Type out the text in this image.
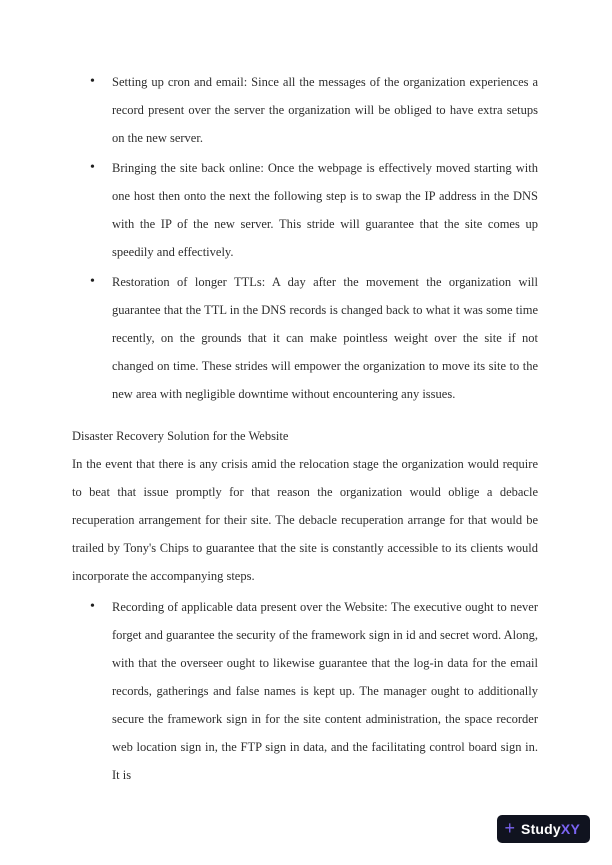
• Setting up cron and email: Since all the messages of the organization experiences a record present over the server the organization will be obliged to have extra setups on the new server.
• Bringing the site back online: Once the webpage is effectively moved starting with one host then onto the next the following step is to swap the IP address in the DNS with the IP of the new server. This stride will guarantee that the site comes up speedily and effectively.
• Restoration of longer TTLs: A day after the movement the organization will guarantee that the TTL in the DNS records is changed back to what it was some time recently, on the grounds that it can make pointless weight over the site if not changed on time. These strides will empower the organization to move its site to the new area with negligible downtime without encountering any issues.

Disaster Recovery Solution for the Website

In the event that there is any crisis amid the relocation stage the organization would require to beat that issue promptly for that reason the organization would oblige a debacle recuperation arrangement for their site. The debacle recuperation arrange for that would be trailed by Tony's Chips to guarantee that the site is constantly accessible to its clients would incorporate the accompanying steps.

• Recording of applicable data present over the Website: The executive ought to never forget and guarantee the security of the framework sign in id and secret word. Along, with that the overseer ought to likewise guarantee that the log-in data for the email records, gatherings and false names is kept up. The manager ought to additionally secure the framework sign in for the site content administration, the space recorder web location sign in, the FTP sign in data, and the facilitating control board sign in. It is
+ StudyXY
